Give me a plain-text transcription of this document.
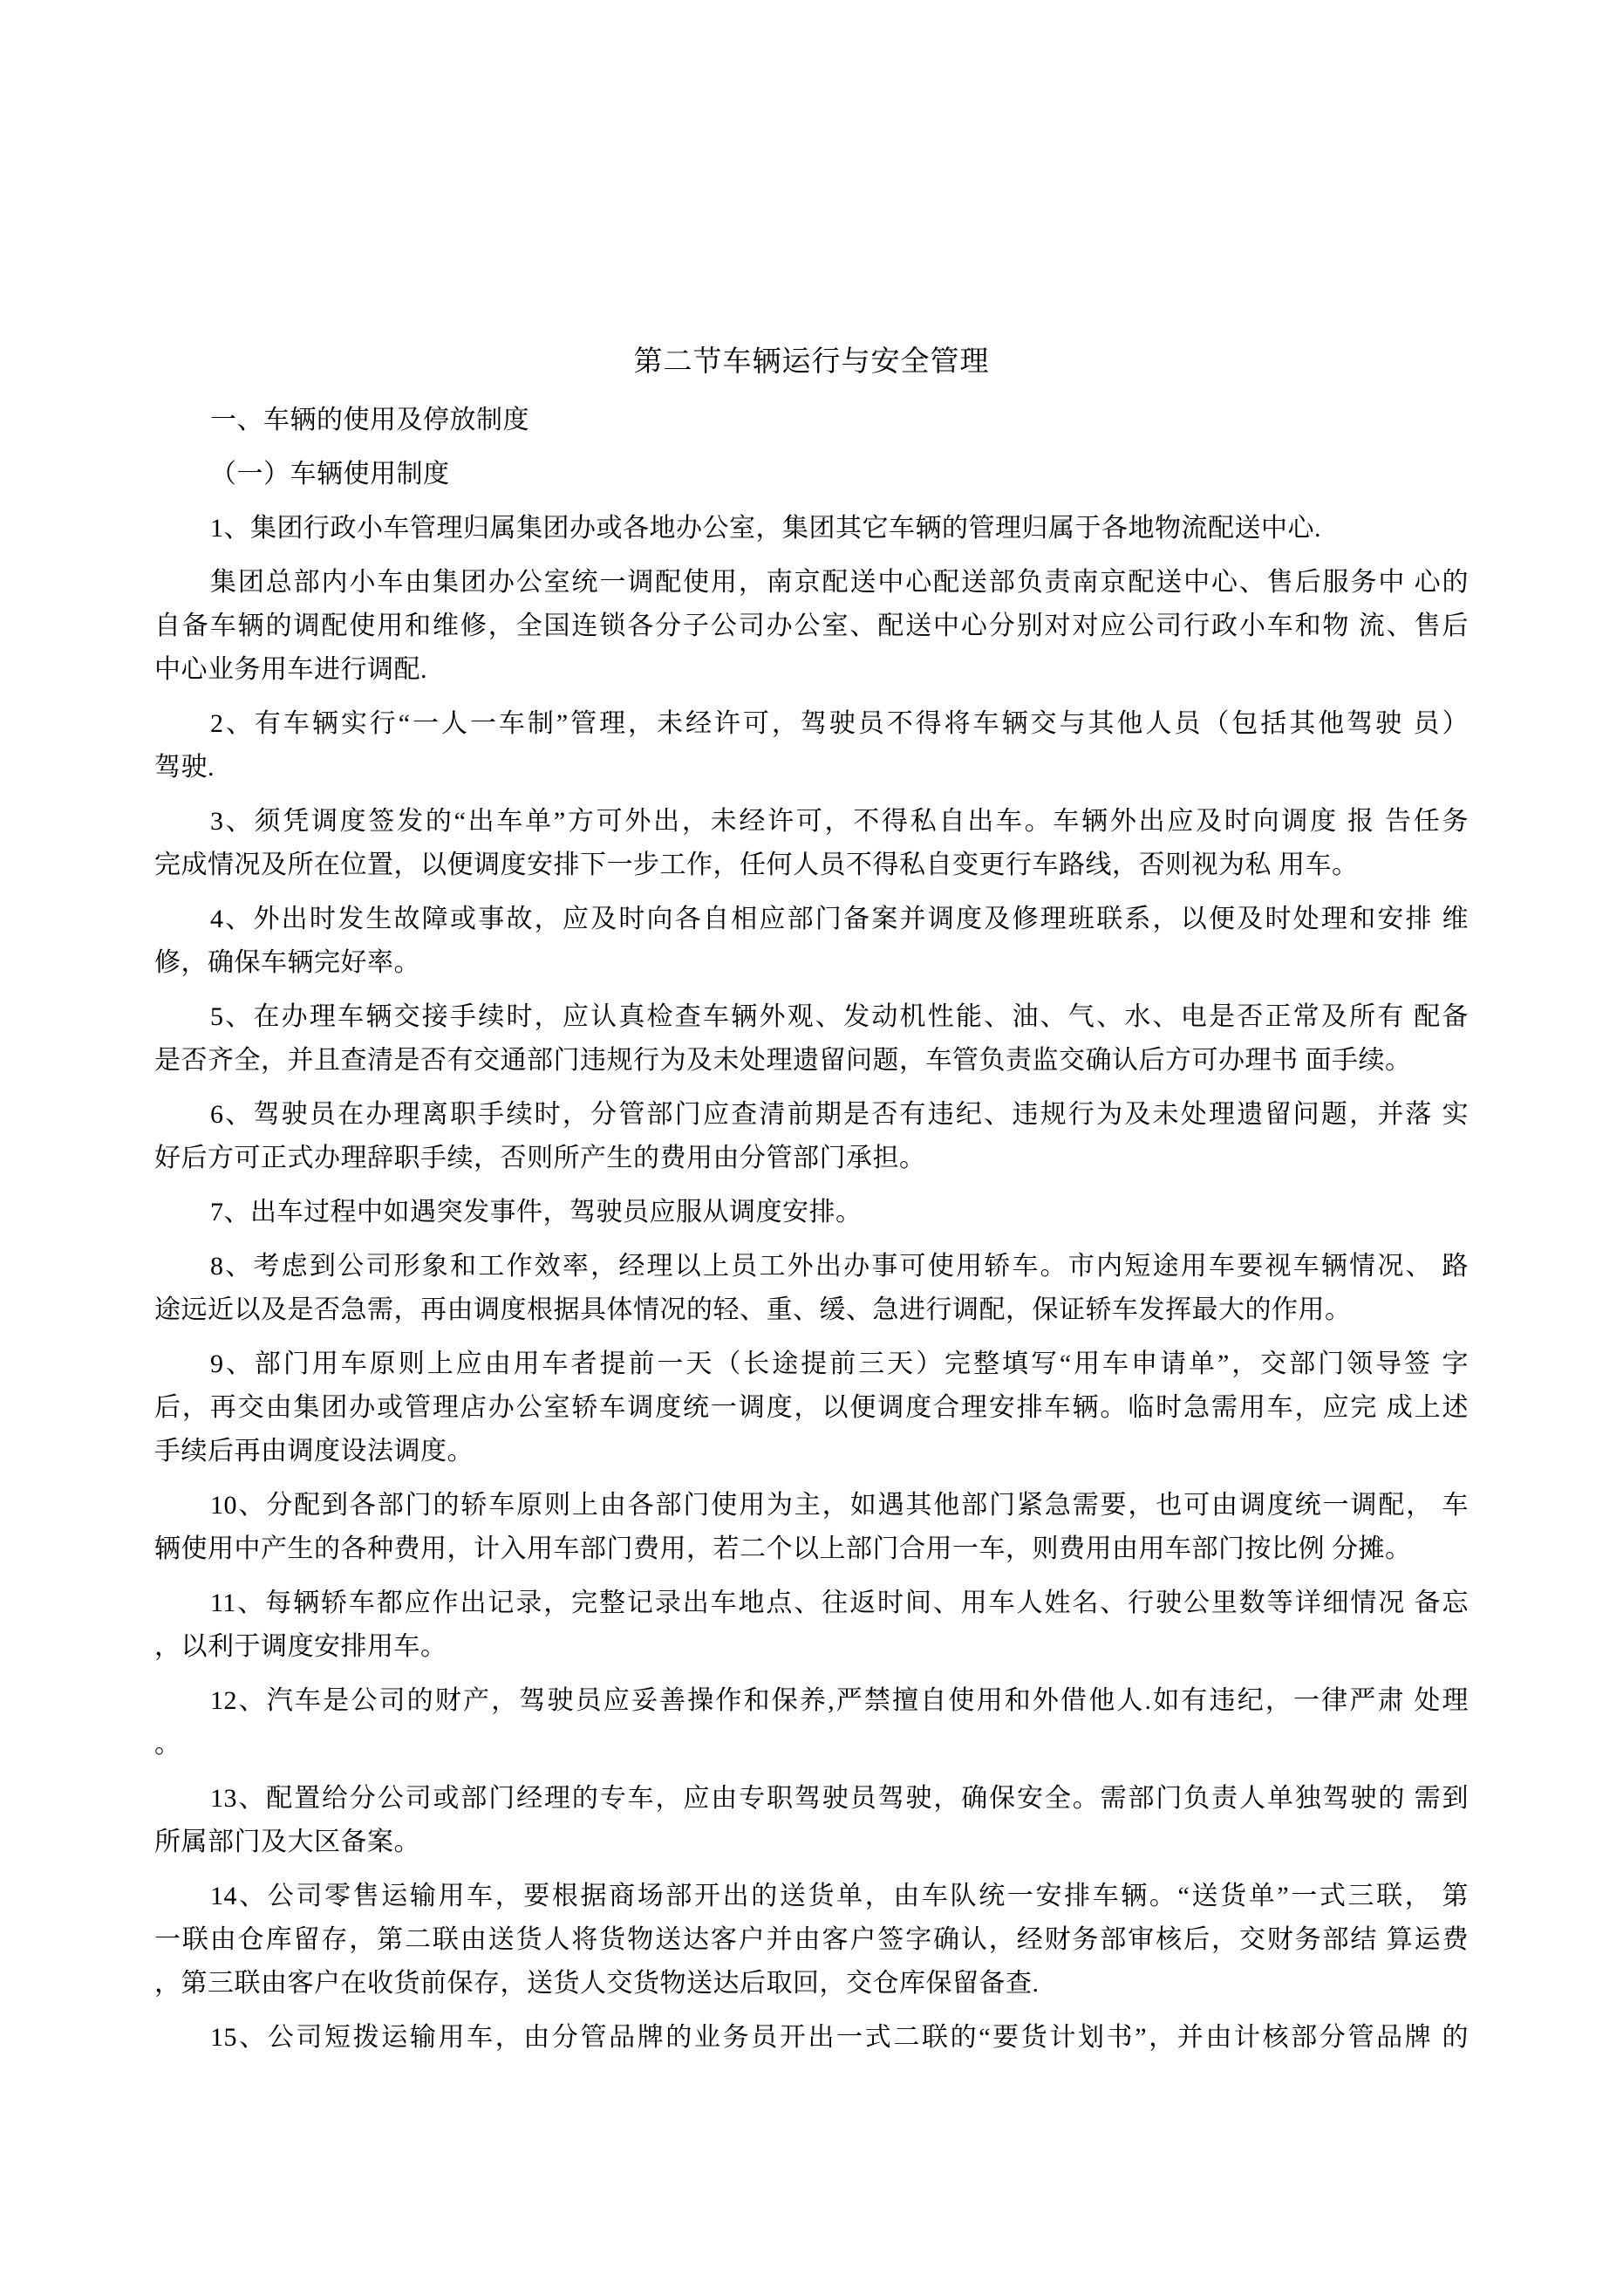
第二节车辆运行与安全管理
一、车辆的使用及停放制度
（一）车辆使用制度
1、集团行政小车管理归属集团办或各地办公室，集团其它车辆的管理归属于各地物流配送中心.
集团总部内小车由集团办公室统一调配使用，南京配送中心配送部负责南京配送中心、售后服务中 心的
自备车辆的调配使用和维修，全国连锁各分子公司办公室、配送中心分别对对应公司行政小车和物 流、售后
中心业务用车进行调配.
2、有车辆实行“一人一车制”管理，未经许可，驾驶员不得将车辆交与其他人员（包括其他驾驶 员）
驾驶.
3、须凭调度签发的“出车单”方可外出，未经许可，不得私自出车。车辆外出应及时向调度 报 告任务
完成情况及所在位置，以便调度安排下一步工作，任何人员不得私自变更行车路线，否则视为私 用车。
4、外出时发生故障或事故，应及时向各自相应部门备案并调度及修理班联系，以便及时处理和安排 维
修，确保车辆完好率。
5、在办理车辆交接手续时，应认真检查车辆外观、发动机性能、油、气、水、电是否正常及所有 配备
是否齐全，并且查清是否有交通部门违规行为及未处理遗留问题，车管负责监交确认后方可办理书 面手续。
6、驾驶员在办理离职手续时，分管部门应查清前期是否有违纪、违规行为及未处理遗留问题，并落 实
好后方可正式办理辞职手续，否则所产生的费用由分管部门承担。
7、出车过程中如遇突发事件，驾驶员应服从调度安排。
8、考虑到公司形象和工作效率，经理以上员工外出办事可使用轿车。市内短途用车要视车辆情况、 路
途远近以及是否急需，再由调度根据具体情况的轻、重、缓、急进行调配，保证轿车发挥最大的作用。
9、部门用车原则上应由用车者提前一天（长途提前三天）完整填写“用车申请单”，交部门领导签 字
后，再交由集团办或管理店办公室轿车调度统一调度，以便调度合理安排车辆。临时急需用车，应完 成上述
手续后再由调度设法调度。
10、分配到各部门的轿车原则上由各部门使用为主，如遇其他部门紧急需要，也可由调度统一调配， 车
辆使用中产生的各种费用，计入用车部门费用，若二个以上部门合用一车，则费用由用车部门按比例 分摊。
11、每辆轿车都应作出记录，完整记录出车地点、往返时间、用车人姓名、行驶公里数等详细情况 备忘
，以利于调度安排用车。
12、汽车是公司的财产，驾驶员应妥善操作和保养,严禁擅自使用和外借他人.如有违纪，一律严肃 处理
。
13、配置给分公司或部门经理的专车，应由专职驾驶员驾驶，确保安全。需部门负责人单独驾驶的 需到
所属部门及大区备案。
14、公司零售运输用车，要根据商场部开出的送货单，由车队统一安排车辆。“送货单”一式三联， 第
一联由仓库留存，第二联由送货人将货物送达客户并由客户签字确认，经财务部审核后，交财务部结 算运费
，第三联由客户在收货前保存，送货人交货物送达后取回，交仓库保留备查.
15、公司短拨运输用车，由分管品牌的业务员开出一式二联的“要货计划书”，并由计核部分管品牌 的
